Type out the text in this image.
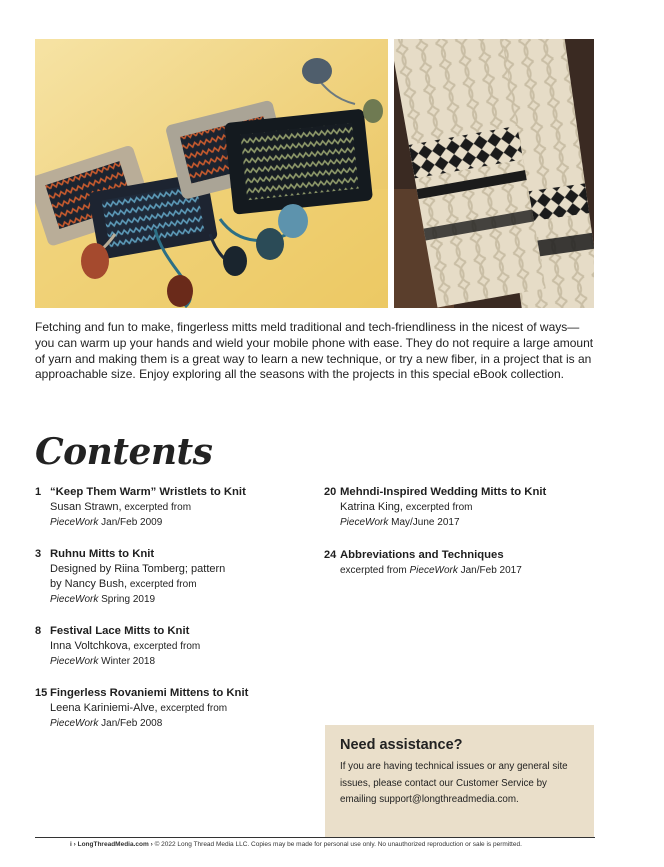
Fetching and fun to make, fingerless mitts meld traditional and tech-friendliness in the nicest of ways—you can warm up your hands and wield your mobile phone with ease. They do not require a large amount of yarn and making them is a great way to learn a new technique, or try a new fiber, in a project that is an approachable size. Enjoy exploring all the seasons with the projects in this special eBook collection.

Contents
1 “Keep Them Warm” Wristlets to Knit
Susan Strawn, excerpted from
PieceWork Jan/Feb 2009
3 Ruhnu Mitts to Knit
Designed by Riina Tomberg; pattern
by Nancy Bush, excerpted from
PieceWork Spring 2019
8 Festival Lace Mitts to Knit
Inna Voltchkova, excerpted from
PieceWork Winter 2018
15 Fingerless Rovaniemi Mittens to Knit
Leena Kariniemi-Alve, excerpted from
PieceWork Jan/Feb 2008
20 Mehndi-Inspired Wedding Mitts to Knit
Katrina King, excerpted from
PieceWork May/June 2017
24 Abbreviations and Techniques
excerpted from PieceWork Jan/Feb 2017
Need assistance?

If you are having technical issues or any general site issues, please contact our Customer Service by emailing support@longthreadmedia.com.

i › LongThreadMedia.com › © 2022 Long Thread Media LLC. Copies may be made for personal use only. No unauthorized reproduction or sale is permitted.
